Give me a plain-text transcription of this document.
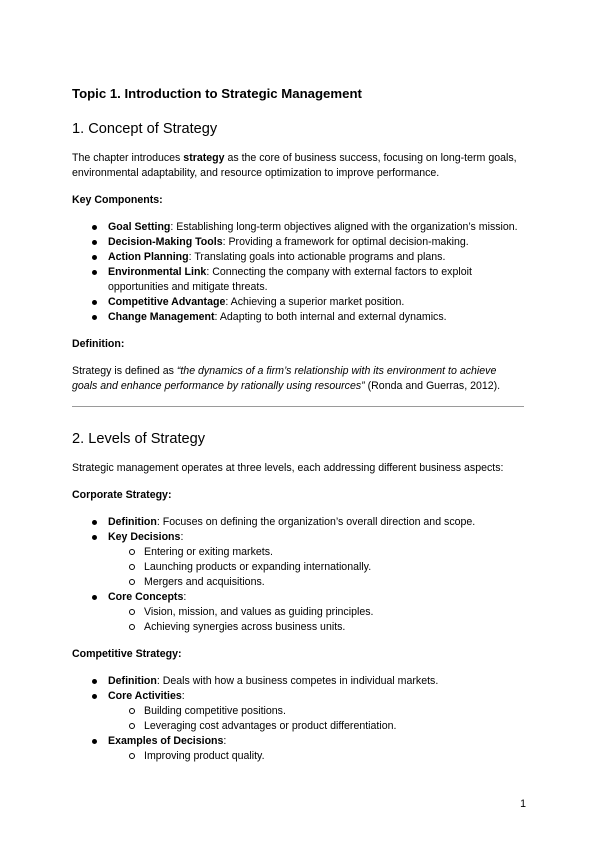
Topic 1. Introduction to Strategic Management
1. Concept of Strategy

The chapter introduces strategy as the core of business success, focusing on long-term goals, environmental adaptability, and resource optimization to improve performance.

Key Components:
Goal Setting: Establishing long-term objectives aligned with the organization’s mission.
Decision-Making Tools: Providing a framework for optimal decision-making.
Action Planning: Translating goals into actionable programs and plans.
Environmental Link: Connecting the company with external factors to exploit opportunities and mitigate threats.
Competitive Advantage: Achieving a superior market position.
Change Management: Adapting to both internal and external dynamics.
Definition:

Strategy is defined as “the dynamics of a firm’s relationship with its environment to achieve goals and enhance performance by rationally using resources” (Ronda and Guerras, 2012).

2. Levels of Strategy

Strategic management operates at three levels, each addressing different business aspects:

Corporate Strategy:
Definition: Focuses on defining the organization’s overall direction and scope.
Key Decisions:
Entering or exiting markets.
Launching products or expanding internationally.
Mergers and acquisitions.
Core Concepts:
Vision, mission, and values as guiding principles.
Achieving synergies across business units.
Competitive Strategy:
Definition: Deals with how a business competes in individual markets.
Core Activities:
Building competitive positions.
Leveraging cost advantages or product differentiation.
Examples of Decisions:
Improving product quality.
1
